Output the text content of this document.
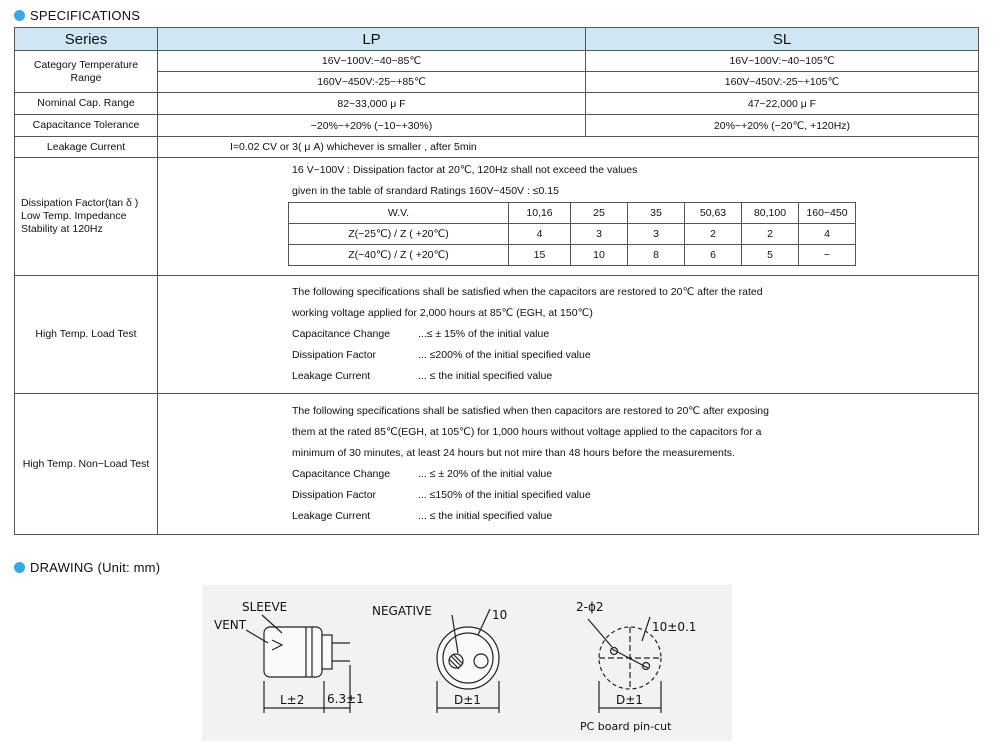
SPECIFICATIONS
Series	LP	SL
Category Temperature Range	16V~100V:−40~85℃	16V~100V:−40~105℃
160V~450V:-25~+85℃	160V~450V:-25~+105℃
Nominal Cap. Range	82~33,000 μ F	47~22,000 μ F
Capacitance Tolerance	−20%~+20% (−10~+30%)	20%~+20% (−20℃, +120Hz)
Leakage Current	I=0.02 CV or 3( μ A) whichever is smaller , after 5min

Dissipation Factor(tan δ )
Low Temp. Impedance
Stability at 120Hz

16 V~100V : Dissipation factor at 20℃, 120Hz shall not exceed the values
given in the table of srandard Ratings 160V~450V : ≤0.15
W.V.	10,16	25	35	50,63	80,100	160~450
Z(−25℃) / Z ( +20℃)	4	3	3	2	2	4
Z(−40℃) / Z ( +20℃)	15	10	8	6	5	−

High Temp. Load Test	
The following specifications shall be satisfied when the capacitors are restored to 20℃ after the rated
working voltage applied for 2,000 hours at 85℃ (EGH, at 150℃)
Capacitance Change	...≤ ± 15% of the initial value
Dissipation Factor	... ≤200% of the initial specified value
Leakage Current	... ≤ the initial specified value

High Temp. Non−Load Test	
The following specifications shall be satisfied when then capacitors are restored to 20℃ after exposing
them at the rated 85℃(EGH, at 105℃) for 1,000 hours without voltage applied to the capacitors for a
minimum of 30 minutes, at least 24 hours but not mire than 48 hours before the measurements.
Capacitance Change	... ≤ ± 20% of the initial value
Dissipation Factor	... ≤150% of the initial specified value
Leakage Current	... ≤ the initial specified value
DRAWING (Unit: mm)
SLEEVE
VENT
L±2 6.3±1
NEGATIVE	10
D±1
2-ϕ2
10±0.1
D±1
PC board pin-cut
